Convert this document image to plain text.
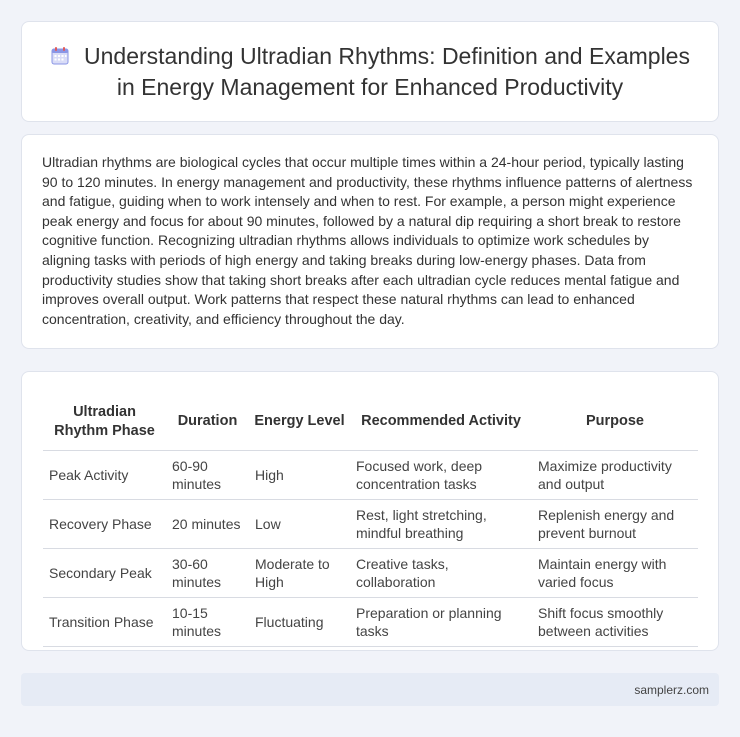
Understanding Ultradian Rhythms: Definition and Examples in Energy Management for Enhanced Productivity

Ultradian rhythms are biological cycles that occur multiple times within a 24-hour period, typically lasting 90 to 120 minutes. In energy management and productivity, these rhythms influence patterns of alertness and fatigue, guiding when to work intensely and when to rest. For example, a person might experience peak energy and focus for about 90 minutes, followed by a natural dip requiring a short break to restore cognitive function. Recognizing ultradian rhythms allows individuals to optimize work schedules by aligning tasks with periods of high energy and taking breaks during low-energy phases. Data from productivity studies show that taking short breaks after each ultradian cycle reduces mental fatigue and improves overall output. Work patterns that respect these natural rhythms can lead to enhanced concentration, creativity, and efficiency throughout the day.

Ultradian Rhythm Phase	Duration	Energy Level	Recommended Activity	Purpose
Peak Activity	60-90 minutes	High	Focused work, deep concentration tasks	Maximize productivity and output
Recovery Phase	20 minutes	Low	Rest, light stretching, mindful breathing	Replenish energy and prevent burnout
Secondary Peak	30-60 minutes	Moderate to High	Creative tasks, collaboration	Maintain energy with varied focus
Transition Phase	10-15 minutes	Fluctuating	Preparation or planning tasks	Shift focus smoothly between activities
samplerz.com
